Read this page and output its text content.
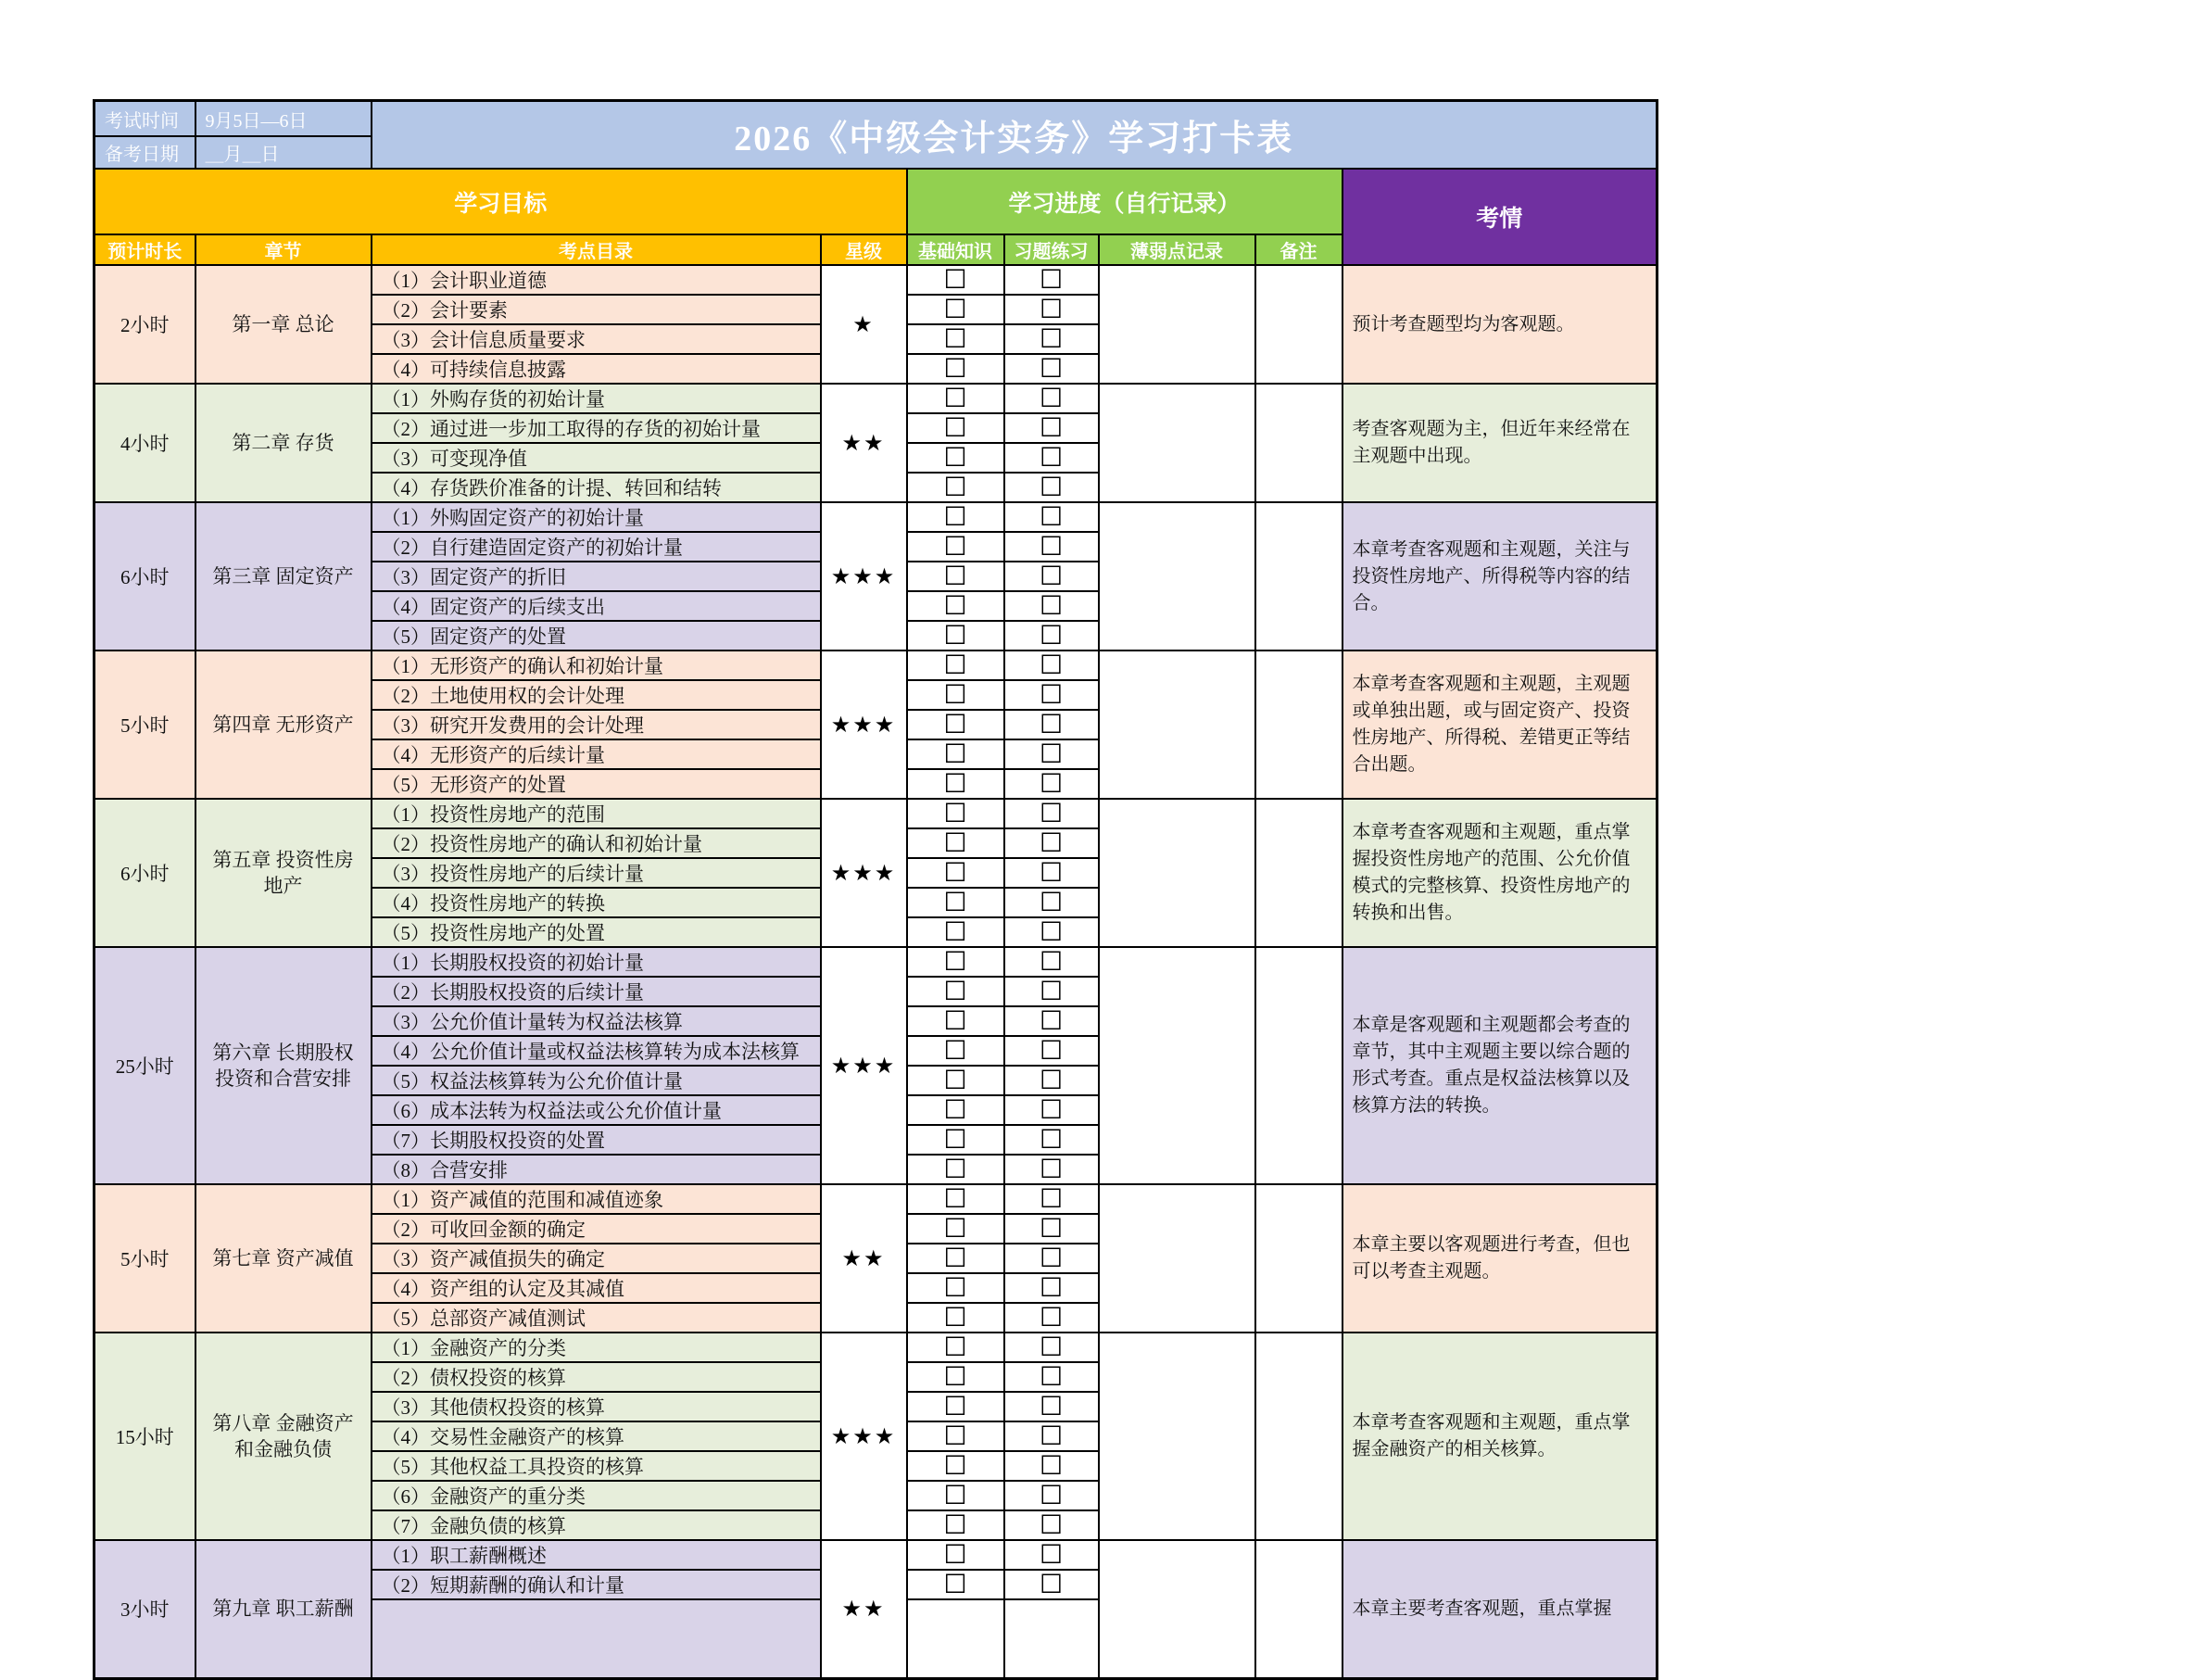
考试时间	9月5日—6日	2026《中级会计实务》学习打卡表						
备考日期	＿月＿日							
学习目标				学习进度（自行记录）				考情
预计时长	章节	考点目录	星级	基础知识	习题练习	薄弱点记录	备注	
2小时	第一章 总论	（1）会计职业道德	★	☐	☐			预计考查题型均为客观题。
		（2）会计要素		☐	☐			
		（3）会计信息质量要求		☐	☐			
		（4）可持续信息披露		☐	☐			
4小时	第二章 存货	（1）外购存货的初始计量	★★	☐	☐			考查客观题为主，但近年来经常在主观题中出现。
		（2）通过进一步加工取得的存货的初始计量		☐	☐			
		（3）可变现净值		☐	☐			
		（4）存货跌价准备的计提、转回和结转		☐	☐			
6小时	第三章 固定资产	（1）外购固定资产的初始计量	★★★	☐	☐			本章考查客观题和主观题，关注与投资性房地产、所得税等内容的结合。
		（2）自行建造固定资产的初始计量		☐	☐			
		（3）固定资产的折旧		☐	☐			
		（4）固定资产的后续支出		☐	☐			
		（5）固定资产的处置		☐	☐			
5小时	第四章 无形资产	（1）无形资产的确认和初始计量	★★★	☐	☐			本章考查客观题和主观题，主观题或单独出题，或与固定资产、投资性房地产、所得税、差错更正等结合出题。
		（2）土地使用权的会计处理		☐	☐			
		（3）研究开发费用的会计处理		☐	☐			
		（4）无形资产的后续计量		☐	☐			
		（5）无形资产的处置		☐	☐			
6小时	第五章 投资性房地产	（1）投资性房地产的范围	★★★	☐	☐			本章考查客观题和主观题，重点掌握投资性房地产的范围、公允价值模式的完整核算、投资性房地产的转换和出售。
		（2）投资性房地产的确认和初始计量		☐	☐			
		（3）投资性房地产的后续计量		☐	☐			
		（4）投资性房地产的转换		☐	☐			
		（5）投资性房地产的处置		☐	☐			
25小时	第六章 长期股权投资和合营安排	（1）长期股权投资的初始计量	★★★	☐	☐			本章是客观题和主观题都会考查的章节，其中主观题主要以综合题的形式考查。重点是权益法核算以及核算方法的转换。
		（2）长期股权投资的后续计量		☐	☐			
		（3）公允价值计量转为权益法核算		☐	☐			
		（4）公允价值计量或权益法核算转为成本法核算		☐	☐			
		（5）权益法核算转为公允价值计量		☐	☐			
		（6）成本法转为权益法或公允价值计量		☐	☐			
		（7）长期股权投资的处置		☐	☐			
		（8）合营安排		☐	☐			
5小时	第七章 资产减值	（1）资产减值的范围和减值迹象	★★	☐	☐			本章主要以客观题进行考查，但也可以考查主观题。
		（2）可收回金额的确定		☐	☐			
		（3）资产减值损失的确定		☐	☐			
		（4）资产组的认定及其减值		☐	☐			
		（5）总部资产减值测试		☐	☐			
15小时	第八章 金融资产和金融负债	（1）金融资产的分类	★★★	☐	☐			本章考查客观题和主观题，重点掌握金融资产的相关核算。
		（2）债权投资的核算		☐	☐			
		（3）其他债权投资的核算		☐	☐			
		（4）交易性金融资产的核算		☐	☐			
		（5）其他权益工具投资的核算		☐	☐			
		（6）金融资产的重分类		☐	☐			
		（7）金融负债的核算		☐	☐			
3小时	第九章 职工薪酬	（1）职工薪酬概述	★★	☐	☐			本章主要考查客观题，重点掌握
		（2）短期薪酬的确认和计量		☐	☐			
